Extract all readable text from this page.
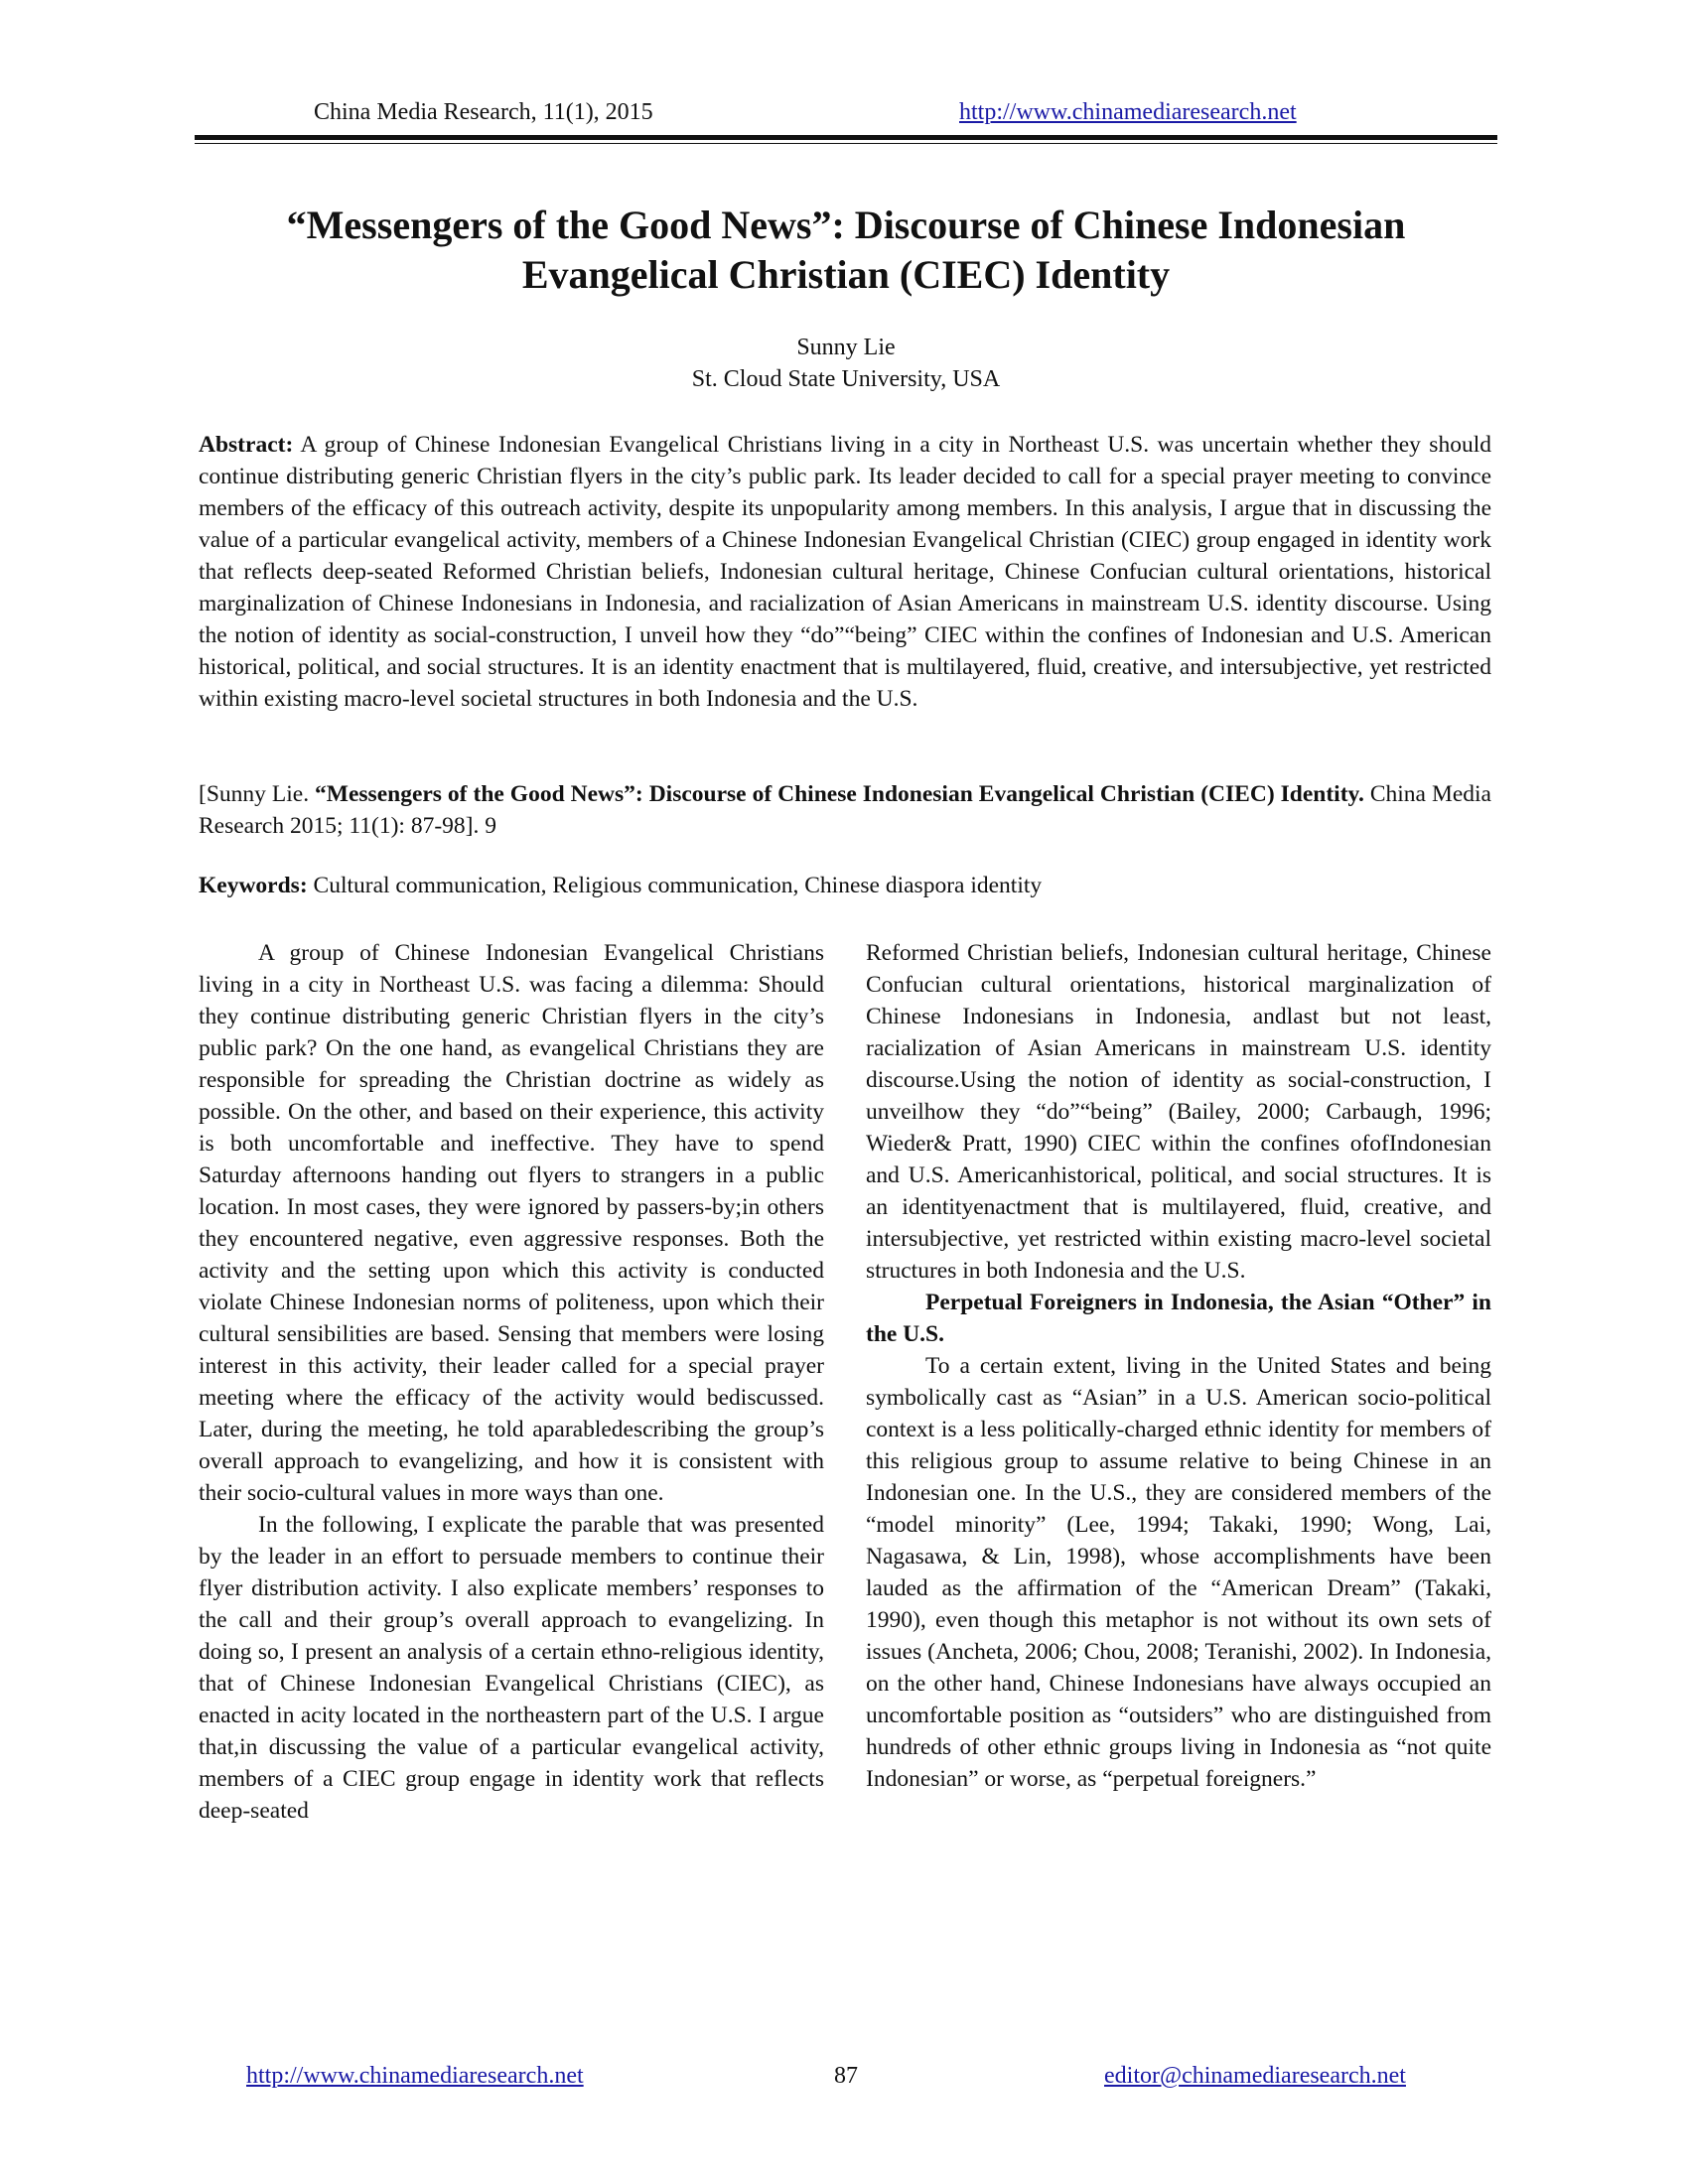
China Media Research, 11(1), 2015	http://www.chinamediaresearch.net
“Messengers of the Good News”: Discourse of Chinese Indonesian
Evangelical Christian (CIEC) Identity
Sunny Lie
St. Cloud State University, USA
Abstract: A group of Chinese Indonesian Evangelical Christians living in a city in Northeast U.S. was uncertain whether they should continue distributing generic Christian flyers in the city’s public park. Its leader decided to call for a special prayer meeting to convince members of the efficacy of this outreach activity, despite its unpopularity among members. In this analysis, I argue that in discussing the value of a particular evangelical activity, members of a Chinese Indonesian Evangelical Christian (CIEC) group engaged in identity work that reflects deep-seated Reformed Christian beliefs, Indonesian cultural heritage, Chinese Confucian cultural orientations, historical marginalization of Chinese Indonesians in Indonesia, and racialization of Asian Americans in mainstream U.S. identity discourse. Using the notion of identity as social-construction, I unveil how they “do”“being” CIEC within the confines of Indonesian and U.S. American historical, political, and social structures. It is an identity enactment that is multilayered, fluid, creative, and intersubjective, yet restricted within existing macro-level societal structures in both Indonesia and the U.S.
[Sunny Lie. “Messengers of the Good News”: Discourse of Chinese Indonesian Evangelical Christian (CIEC) Identity. China Media Research 2015; 11(1): 87-98]. 9
Keywords: Cultural communication, Religious communication, Chinese diaspora identity

A group of Chinese Indonesian Evangelical Christians living in a city in Northeast U.S. was facing a dilemma: Should they continue distributing generic Christian flyers in the city’s public park? On the one hand, as evangelical Christians they are responsible for spreading the Christian doctrine as widely as possible. On the other, and based on their experience, this activity is both uncomfortable and ineffective. They have to spend Saturday afternoons handing out flyers to strangers in a public location. In most cases, they were ignored by passers-by;in others they encountered negative, even aggressive responses. Both the activity and the setting upon which this activity is conducted violate Chinese Indonesian norms of politeness, upon which their cultural sensibilities are based. Sensing that members were losing interest in this activity, their leader called for a special prayer meeting where the efficacy of the activity would bediscussed. Later, during the meeting, he told aparabledescribing the group’s overall approach to evangelizing, and how it is consistent with their socio-cultural values in more ways than one.

In the following, I explicate the parable that was presented by the leader in an effort to persuade members to continue their flyer distribution activity. I also explicate members’ responses to the call and their group’s overall approach to evangelizing. In doing so, I present an analysis of a certain ethno-religious identity, that of Chinese Indonesian Evangelical Christians (CIEC), as enacted in acity located in the northeastern part of the U.S. I argue that,in discussing the value of a particular evangelical activity, members of a CIEC group engage in identity work that reflects deep-seated

Reformed Christian beliefs, Indonesian cultural heritage, Chinese Confucian cultural orientations, historical marginalization of Chinese Indonesians in Indonesia, andlast but not least, racialization of Asian Americans in mainstream U.S. identity discourse.Using the notion of identity as social-construction, I unveilhow they “do”“being” (Bailey, 2000; Carbaugh, 1996; Wieder& Pratt, 1990) CIEC within the confines ofofIndonesian and U.S. Americanhistorical, political, and social structures. It is an identityenactment that is multilayered, fluid, creative, and intersubjective, yet restricted within existing macro-level societal structures in both Indonesia and the U.S.

Perpetual Foreigners in Indonesia, the Asian “Other” in the U.S.

To a certain extent, living in the United States and being symbolically cast as “Asian” in a U.S. American socio-political context is a less politically-charged ethnic identity for members of this religious group to assume relative to being Chinese in an Indonesian one. In the U.S., they are considered members of the “model minority” (Lee, 1994; Takaki, 1990; Wong, Lai, Nagasawa, & Lin, 1998), whose accomplishments have been lauded as the affirmation of the “American Dream” (Takaki, 1990), even though this metaphor is not without its own sets of issues (Ancheta, 2006; Chou, 2008; Teranishi, 2002). In Indonesia, on the other hand, Chinese Indonesians have always occupied an uncomfortable position as “outsiders” who are distinguished from hundreds of other ethnic groups living in Indonesia as “not quite Indonesian” or worse, as “perpetual foreigners.”

http://www.chinamediaresearch.net	87	editor@chinamediaresearch.net
